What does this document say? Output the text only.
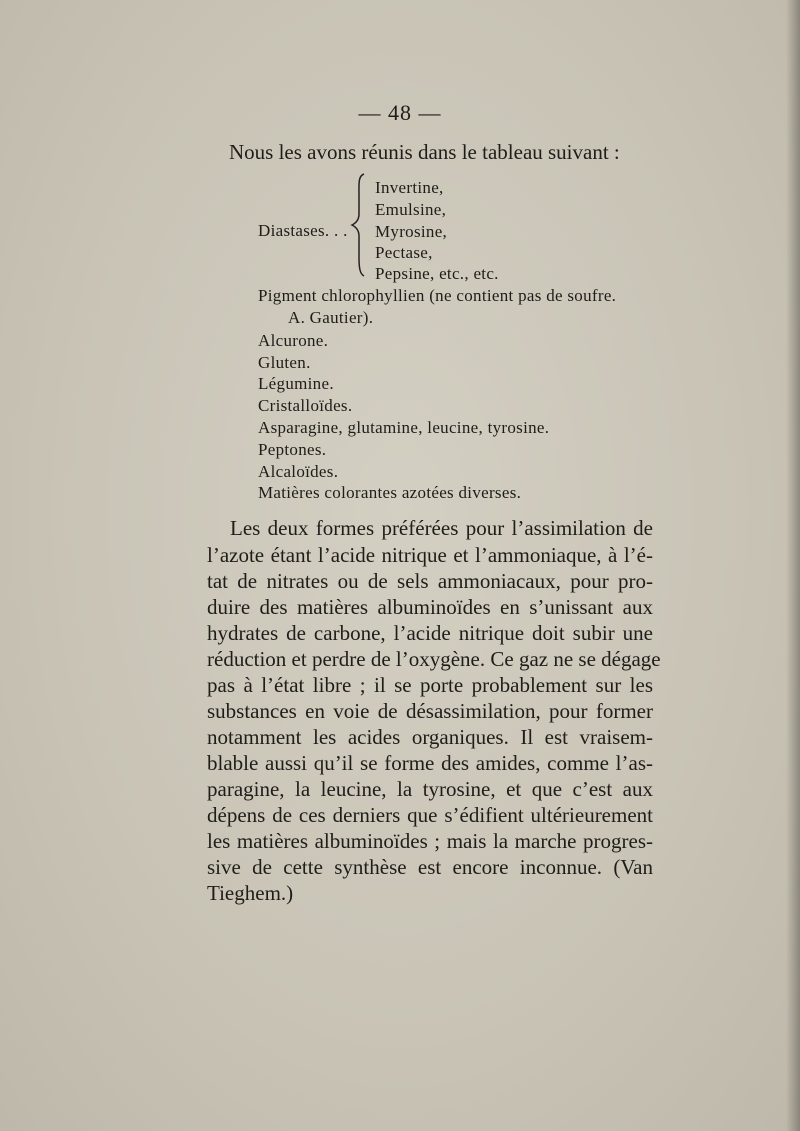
— 48 —
Nous les avons réunis dans le tableau suivant :
Diastases. . .
Invertine,
Emulsine,
Myrosine,
Pectase,
Pepsine, etc., etc.
Pigment chlorophyllien (ne contient pas de soufre.
A. Gautier).
Alcurone.
Gluten.
Légumine.
Cristalloïdes.
Asparagine, glutamine, leucine, tyrosine.
Peptones.
Alcaloïdes.
Matières colorantes azotées diverses.
Les deux formes préférées pour l’assimilation de
l’azote étant l’acide nitrique et l’ammoniaque, à l’é-
tat de nitrates ou de sels ammoniacaux, pour pro-
duire des matières albuminoïdes en s’unissant aux
hydrates de carbone, l’acide nitrique doit subir une
réduction et perdre de l’oxygène. Ce gaz ne se dégage
pas à l’état libre ; il se porte probablement sur les
substances en voie de désassimilation, pour former
notamment les acides organiques. Il est vraisem-
blable aussi qu’il se forme des amides, comme l’as-
paragine, la leucine, la tyrosine, et que c’est aux
dépens de ces derniers que s’édifient ultérieurement
les matières albuminoïdes ; mais la marche progres-
sive de cette synthèse est encore inconnue. (Van
Tieghem.)
